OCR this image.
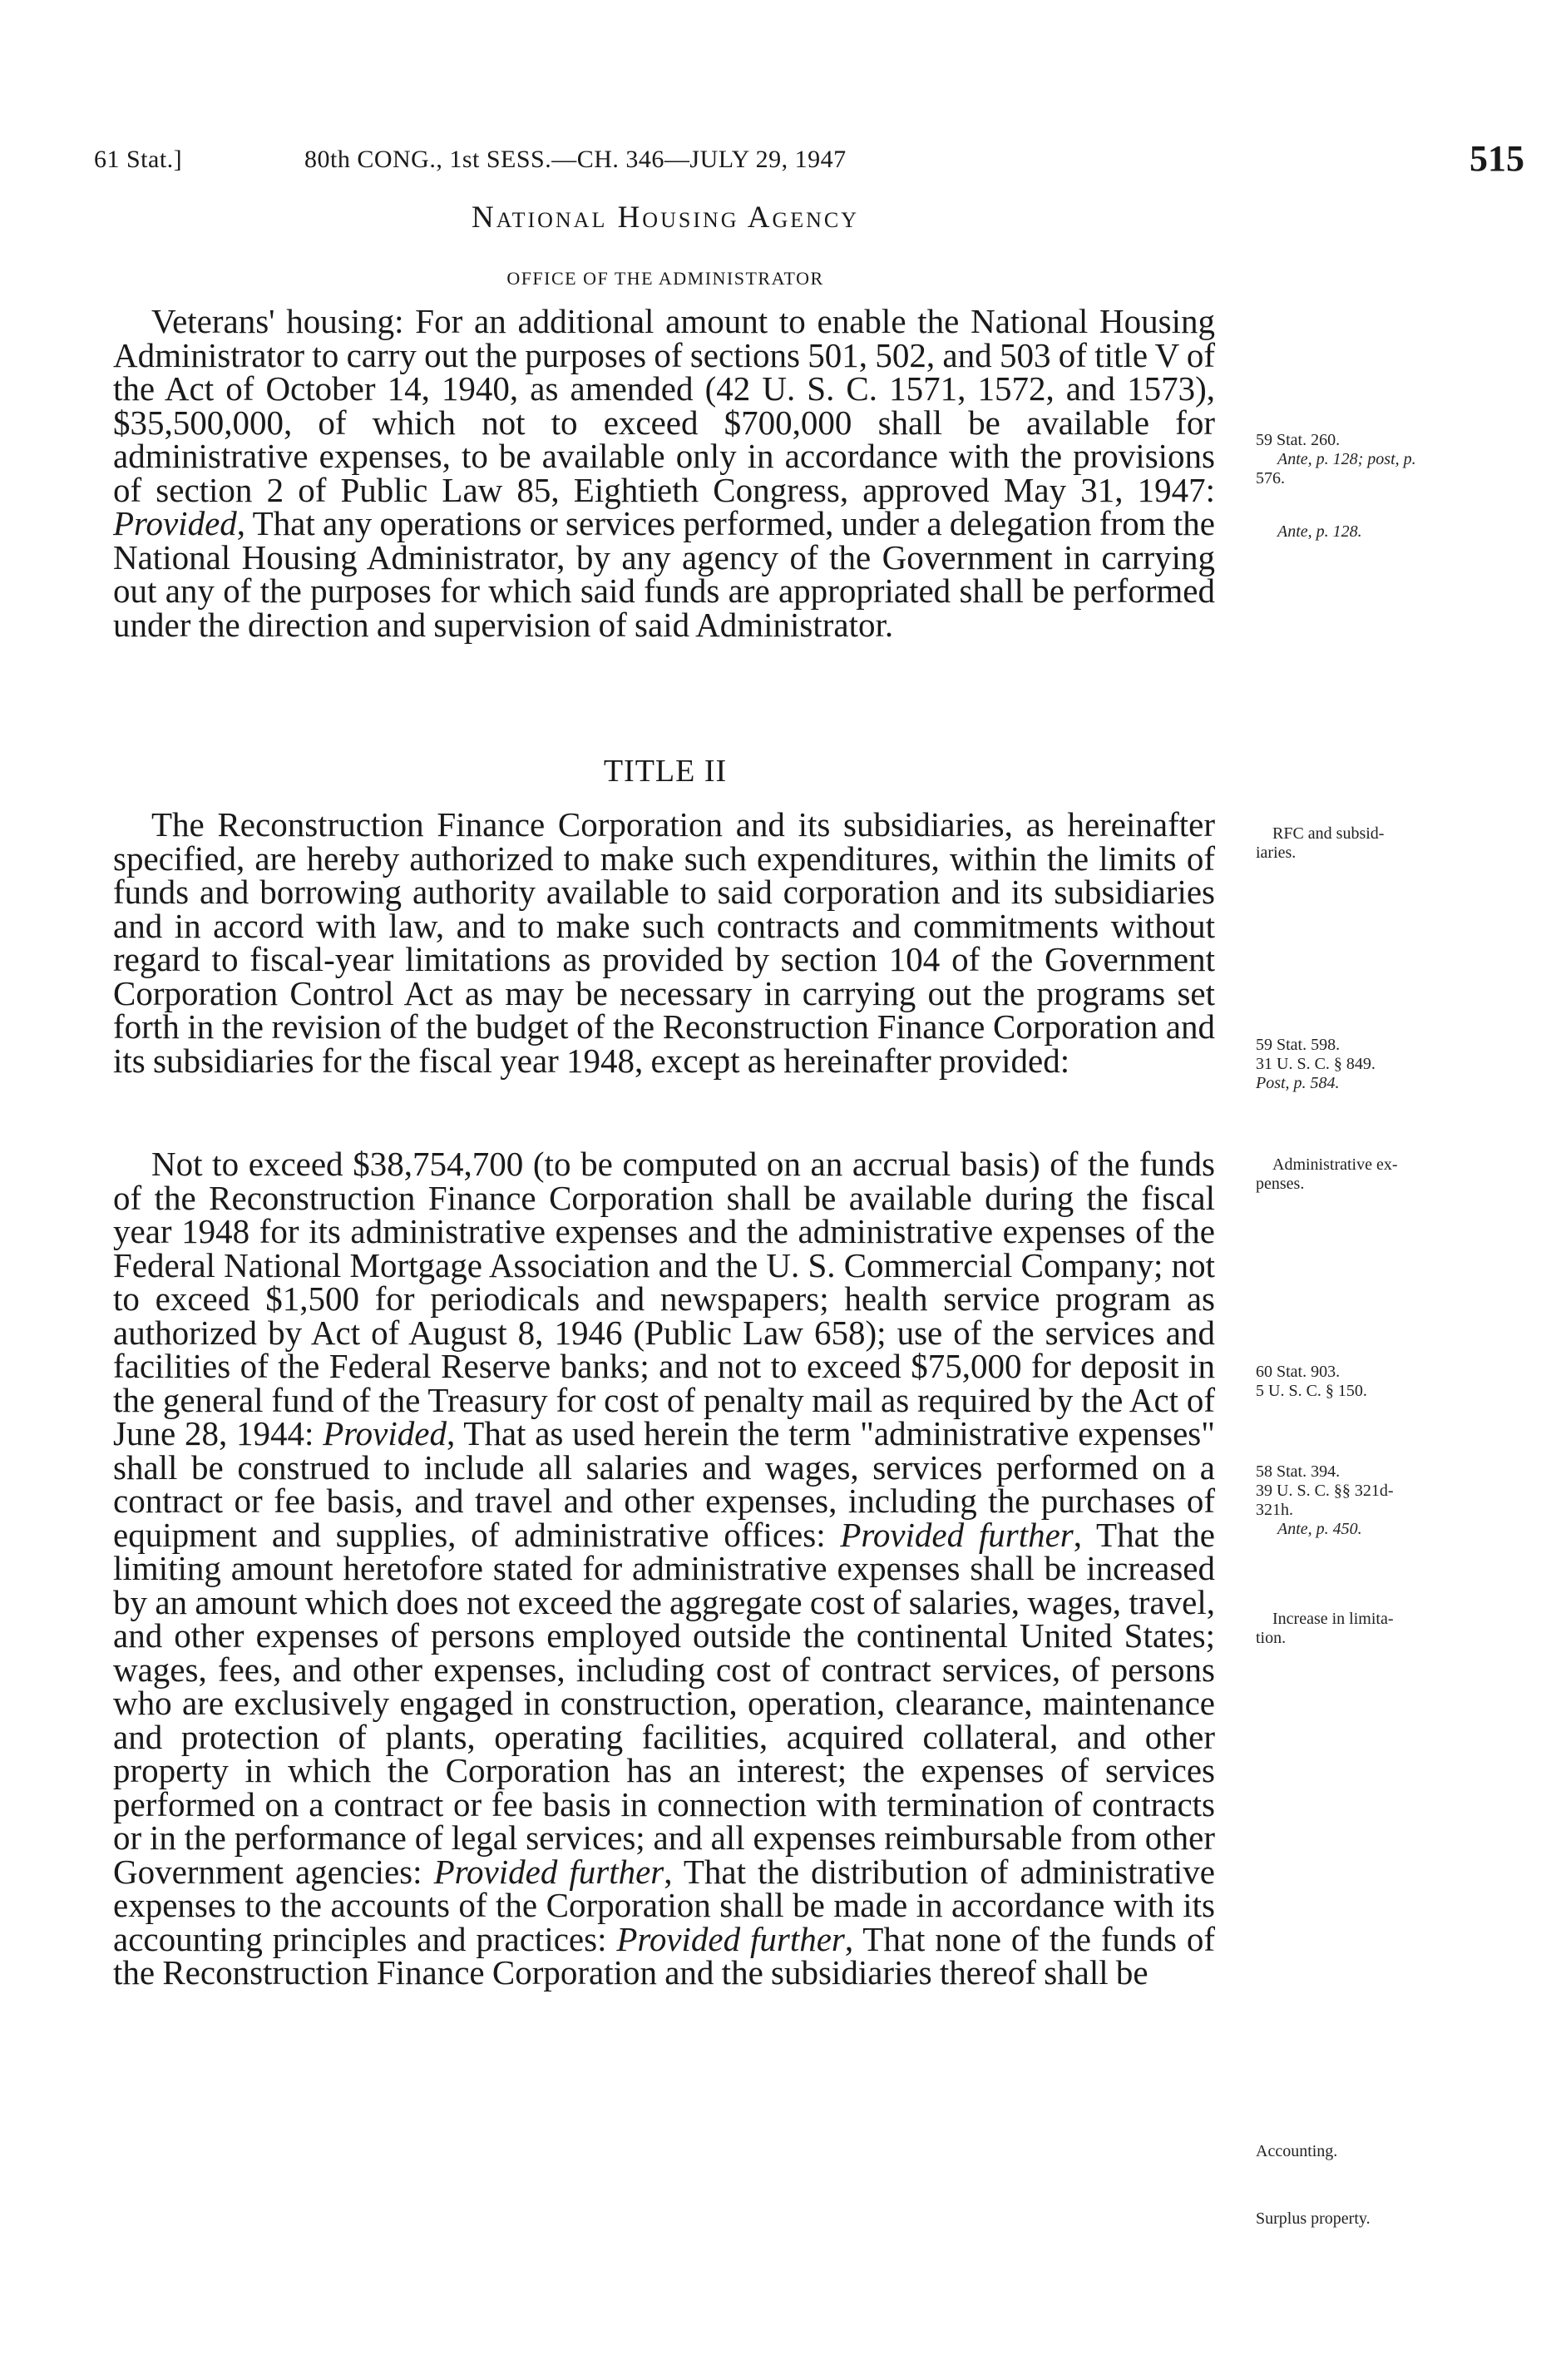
61 Stat.]	80th CONG., 1st SESS.—CH. 346—JULY 29, 1947	515
National Housing Agency
OFFICE OF THE ADMINISTRATOR

Veterans' housing: For an additional amount to enable the National Housing Administrator to carry out the purposes of sections 501, 502, and 503 of title V of the Act of October 14, 1940, as amended (42 U. S. C. 1571, 1572, and 1573), $35,500,000, of which not to exceed $700,000 shall be available for administrative expenses, to be available only in accordance with the provisions of section 2 of Public Law 85, Eightieth Congress, approved May 31, 1947: Provided, That any operations or services performed, under a delegation from the National Housing Administrator, by any agency of the Government in carrying out any of the purposes for which said funds are appropriated shall be performed under the direction and supervision of said Administrator.

TITLE II

The Reconstruction Finance Corporation and its subsidiaries, as hereinafter specified, are hereby authorized to make such expenditures, within the limits of funds and borrowing authority available to said corporation and its subsidiaries and in accord with law, and to make such contracts and commitments without regard to fiscal-year limitations as provided by section 104 of the Government Corporation Control Act as may be necessary in carrying out the programs set forth in the revision of the budget of the Reconstruction Finance Corporation and its subsidiaries for the fiscal year 1948, except as hereinafter provided:

Not to exceed $38,754,700 (to be computed on an accrual basis) of the funds of the Reconstruction Finance Corporation shall be available during the fiscal year 1948 for its administrative expenses and the administrative expenses of the Federal National Mortgage Association and the U. S. Commercial Company; not to exceed $1,500 for periodicals and newspapers; health service program as authorized by Act of August 8, 1946 (Public Law 658); use of the services and facilities of the Federal Reserve banks; and not to exceed $75,000 for deposit in the general fund of the Treasury for cost of penalty mail as required by the Act of June 28, 1944: Provided, That as used herein the term "administrative expenses" shall be construed to include all salaries and wages, services performed on a contract or fee basis, and travel and other expenses, including the purchases of equipment and supplies, of administrative offices: Provided further, That the limiting amount heretofore stated for administrative expenses shall be increased by an amount which does not exceed the aggregate cost of salaries, wages, travel, and other expenses of persons employed outside the continental United States; wages, fees, and other expenses, including cost of contract services, of persons who are exclusively engaged in construction, operation, clearance, maintenance and protection of plants, operating facilities, acquired collateral, and other property in which the Corporation has an interest; the expenses of services performed on a contract or fee basis in connection with termination of contracts or in the performance of legal services; and all expenses reimbursable from other Government agencies: Provided further, That the distribution of administrative expenses to the accounts of the Corporation shall be made in accordance with its accounting principles and practices: Provided further, That none of the funds of the Reconstruction Finance Corporation and the subsidiaries thereof shall be

59 Stat. 260.
Ante, p. 128; post, p.
576.
Ante, p. 128.
RFC and subsid-
iaries.
59 Stat. 598.
31 U. S. C. § 849.
Post, p. 584.
Administrative ex-
penses.
60 Stat. 903.
5 U. S. C. § 150.
58 Stat. 394.
39 U. S. C. §§ 321d-
321h.
Ante, p. 450.
Increase in limita-
tion.
Accounting.
Surplus property.
